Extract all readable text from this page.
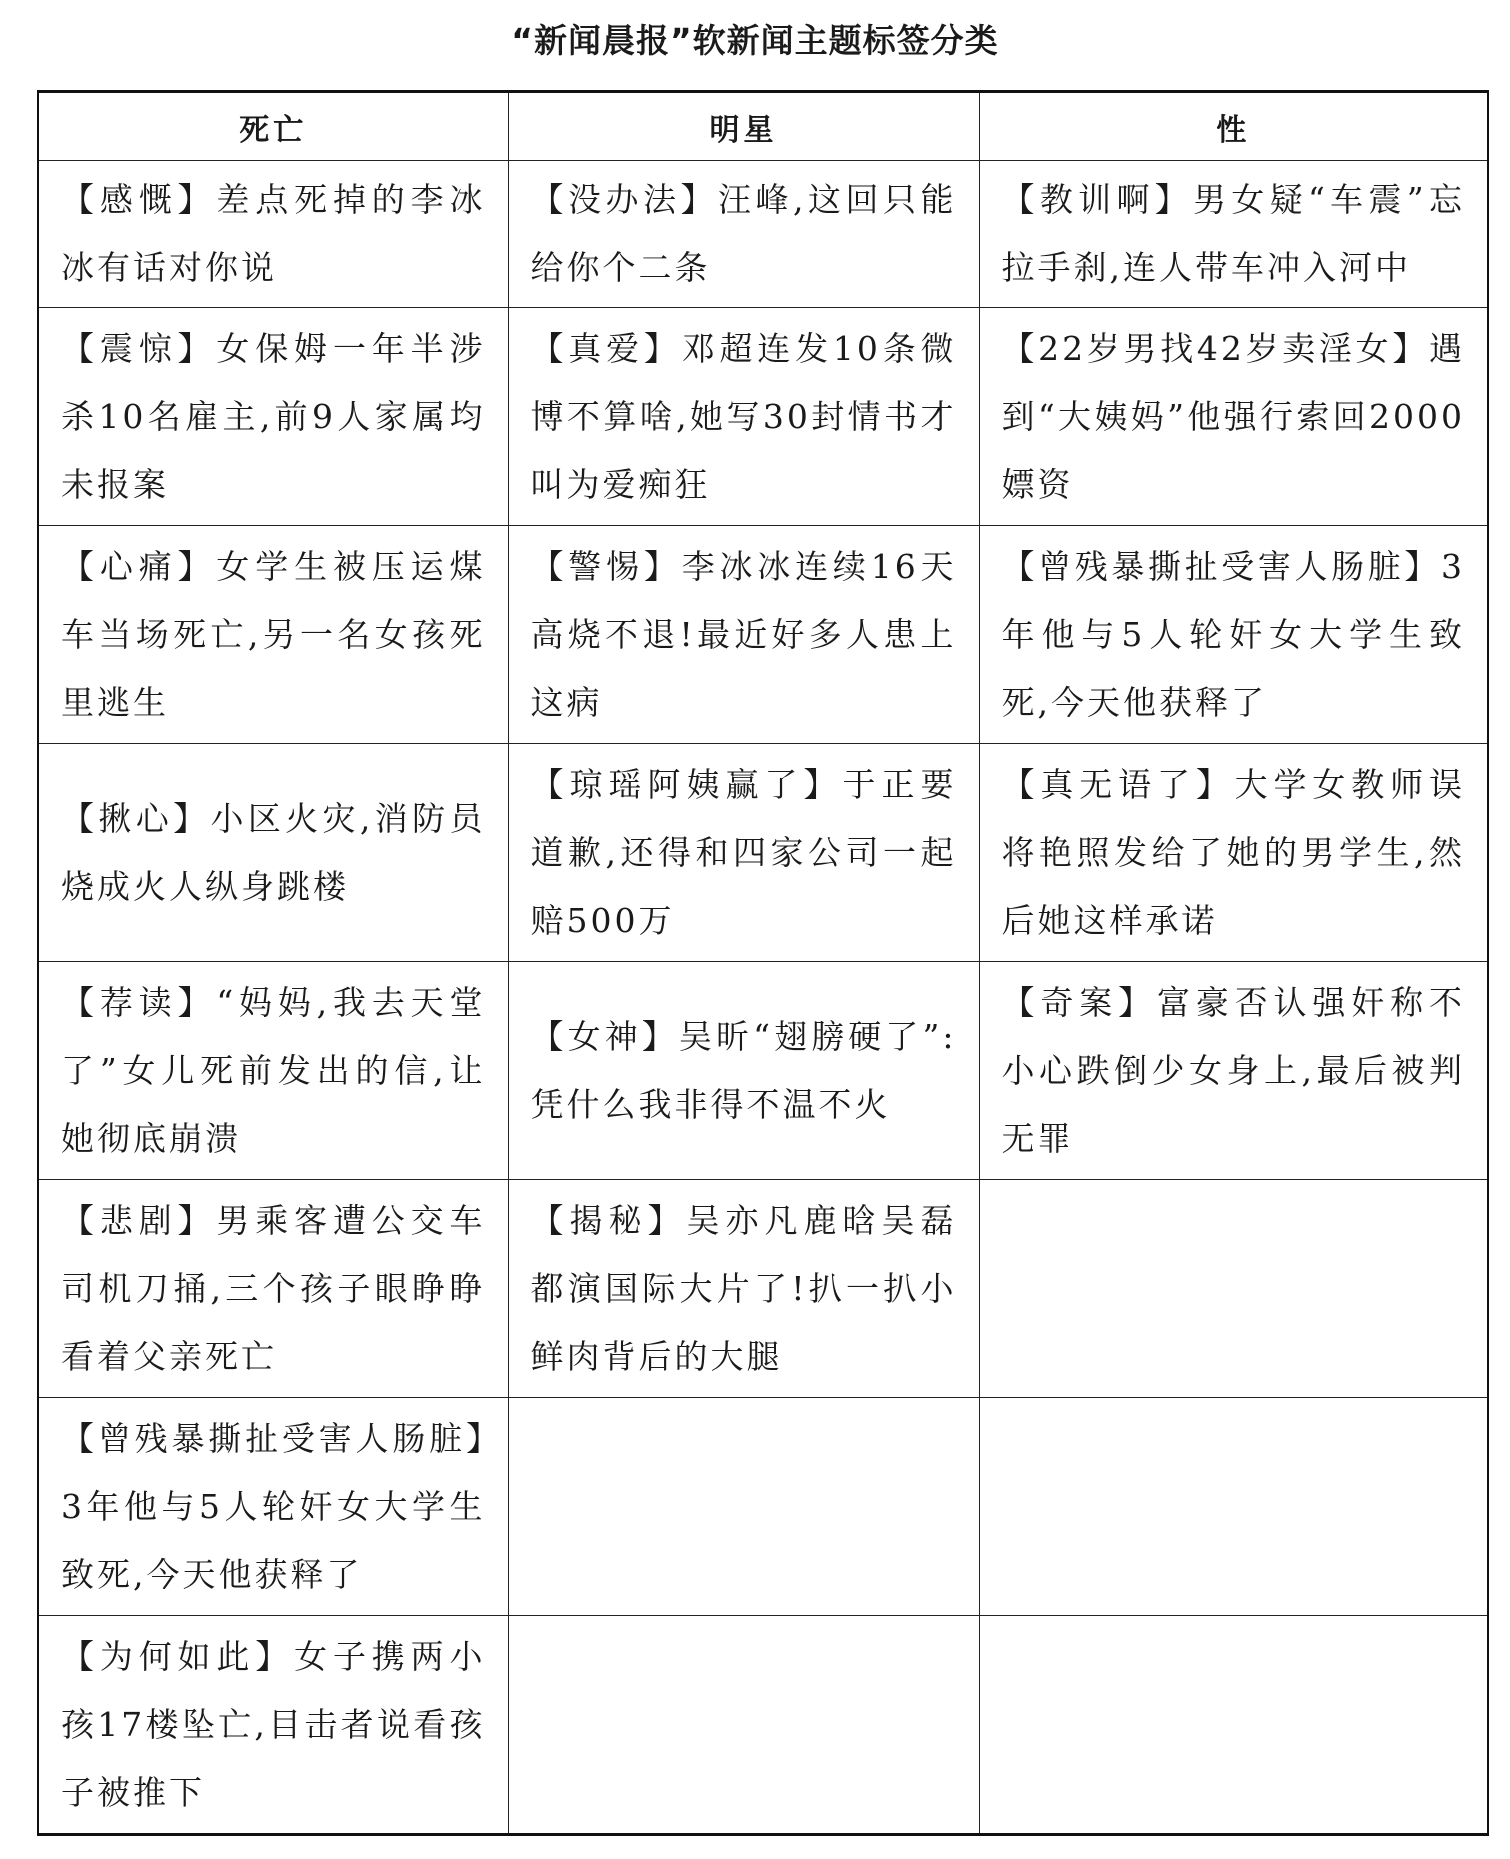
“新闻晨报”软新闻主题标签分类
死亡	明星	性
【感慨】差点死掉的李冰冰有话对你说	【没办法】汪峰,这回只能给你个二条	【教训啊】男女疑“车震”忘拉手刹,连人带车冲入河中
【震惊】女保姆一年半涉杀10名雇主,前9人家属均未报案	【真爱】邓超连发10条微博不算啥,她写30封情书才叫为爱痴狂	【22岁男找42岁卖淫女】遇到“大姨妈”他强行索回2000嫖资
【心痛】女学生被压运煤车当场死亡,另一名女孩死里逃生	【警惕】李冰冰连续16天高烧不退!最近好多人患上这病	【曾残暴撕扯受害人肠脏】3年他与5人轮奸女大学生致死,今天他获释了
【揪心】小区火灾,消防员烧成火人纵身跳楼	【琼瑶阿姨赢了】于正要道歉,还得和四家公司一起赔500万	【真无语了】大学女教师误将艳照发给了她的男学生,然后她这样承诺
【荐读】“妈妈,我去天堂了”女儿死前发出的信,让她彻底崩溃	【女神】吴昕“翅膀硬了”:凭什么我非得不温不火	【奇案】富豪否认强奸称不小心跌倒少女身上,最后被判无罪
【悲剧】男乘客遭公交车司机刀捅,三个孩子眼睁睁看着父亲死亡	【揭秘】吴亦凡鹿晗吴磊都演国际大片了!扒一扒小鲜肉背后的大腿	
【曾残暴撕扯受害人肠脏】3年他与5人轮奸女大学生致死,今天他获释了		
【为何如此】女子携两小孩17楼坠亡,目击者说看孩子被推下		
